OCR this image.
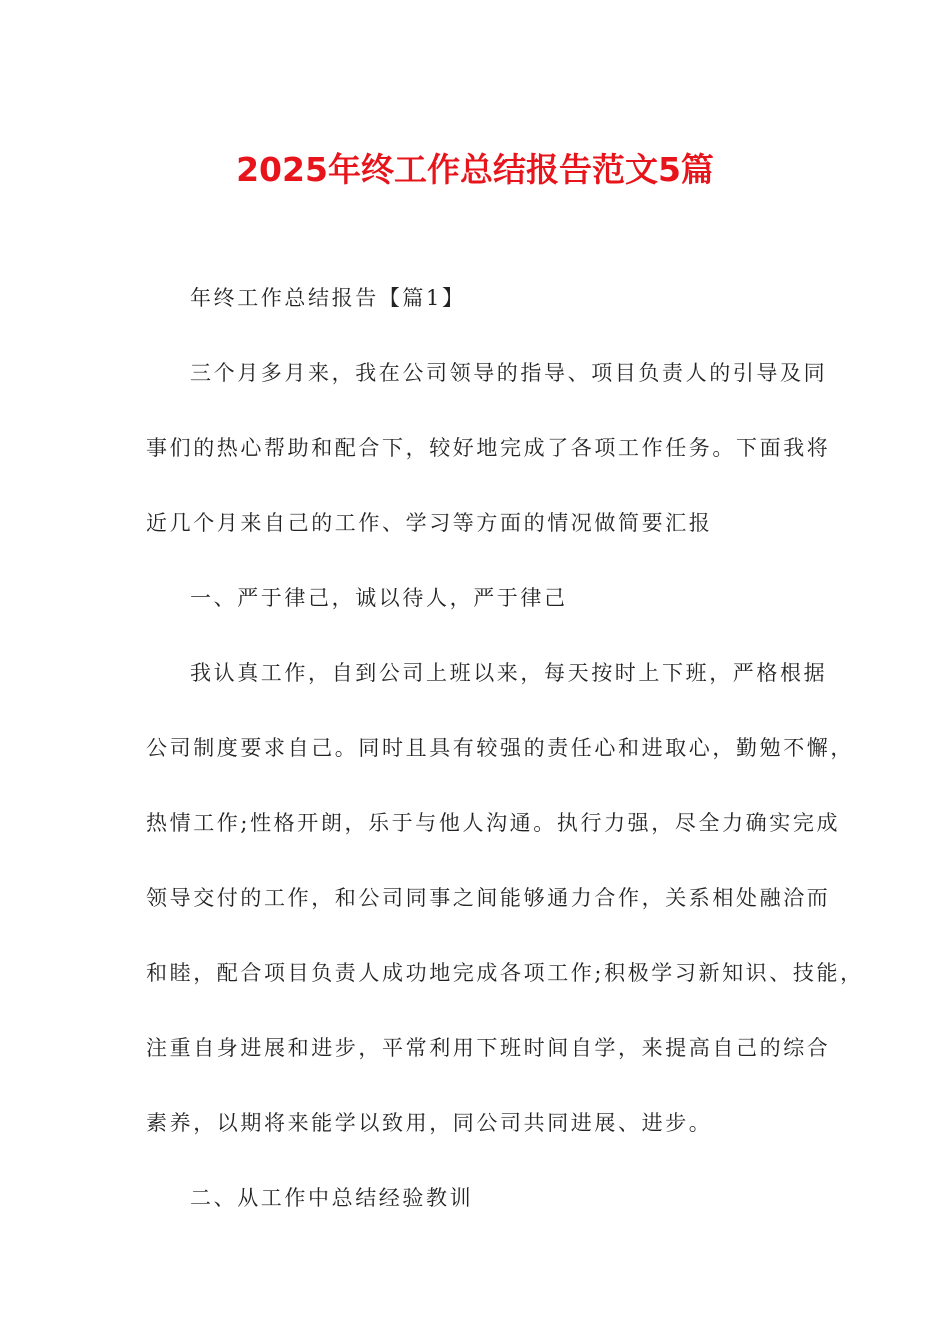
2025年终工作总结报告范文5篇
年终工作总结报告【篇1】
三个月多月来，我在公司领导的指导、项目负责人的引导及同
事们的热心帮助和配合下，较好地完成了各项工作任务。下面我将
近几个月来自己的工作、学习等方面的情况做简要汇报
一、严于律己，诚以待人，严于律己
我认真工作，自到公司上班以来，每天按时上下班，严格根据
公司制度要求自己。同时且具有较强的责任心和进取心，勤勉不懈，
热情工作;性格开朗，乐于与他人沟通。执行力强，尽全力确实完成
领导交付的工作，和公司同事之间能够通力合作，关系相处融洽而
和睦，配合项目负责人成功地完成各项工作;积极学习新知识、技能，
注重自身进展和进步，平常利用下班时间自学，来提高自己的综合
素养，以期将来能学以致用，同公司共同进展、进步。
二、从工作中总结经验教训
